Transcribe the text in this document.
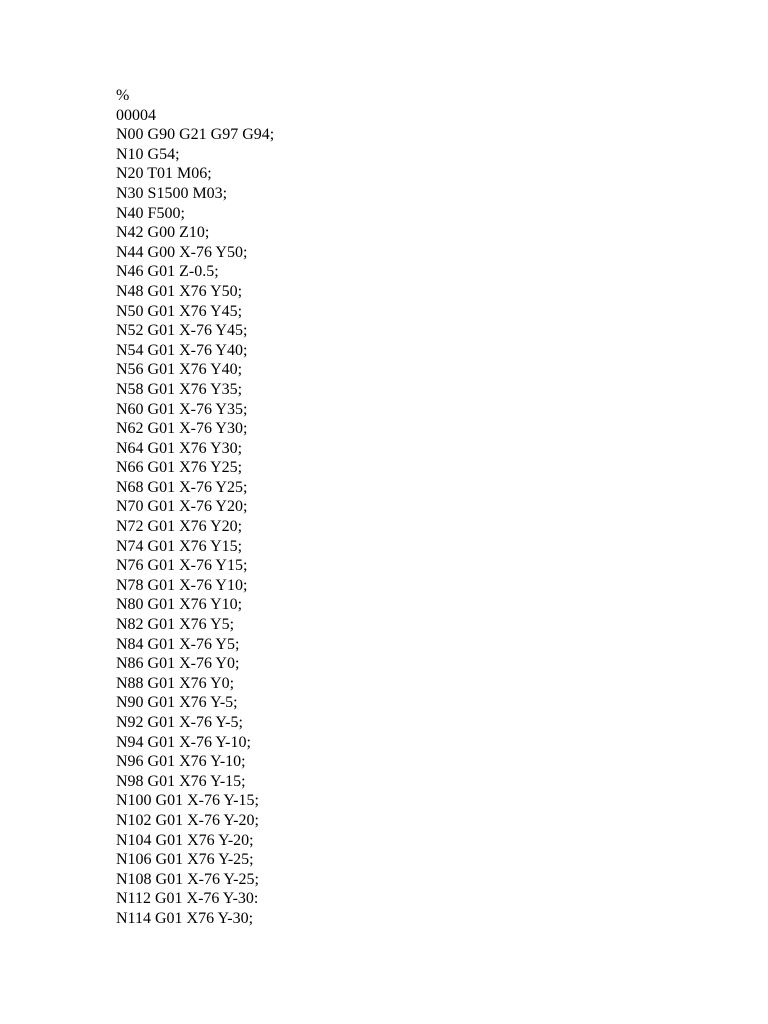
%
00004
N00 G90 G21 G97 G94;
N10 G54;
N20 T01 M06;
N30 S1500 M03;
N40 F500;
N42 G00 Z10;
N44 G00 X-76 Y50;
N46 G01 Z-0.5;
N48 G01 X76 Y50;
N50 G01 X76 Y45;
N52 G01 X-76 Y45;
N54 G01 X-76 Y40;
N56 G01 X76 Y40;
N58 G01 X76 Y35;
N60 G01 X-76 Y35;
N62 G01 X-76 Y30;
N64 G01 X76 Y30;
N66 G01 X76 Y25;
N68 G01 X-76 Y25;
N70 G01 X-76 Y20;
N72 G01 X76 Y20;
N74 G01 X76 Y15;
N76 G01 X-76 Y15;
N78 G01 X-76 Y10;
N80 G01 X76 Y10;
N82 G01 X76 Y5;
N84 G01 X-76 Y5;
N86 G01 X-76 Y0;
N88 G01 X76 Y0;
N90 G01 X76 Y-5;
N92 G01 X-76 Y-5;
N94 G01 X-76 Y-10;
N96 G01 X76 Y-10;
N98 G01 X76 Y-15;
N100 G01 X-76 Y-15;
N102 G01 X-76 Y-20;
N104 G01 X76 Y-20;
N106 G01 X76 Y-25;
N108 G01 X-76 Y-25;
N112 G01 X-76 Y-30:
N114 G01 X76 Y-30;
